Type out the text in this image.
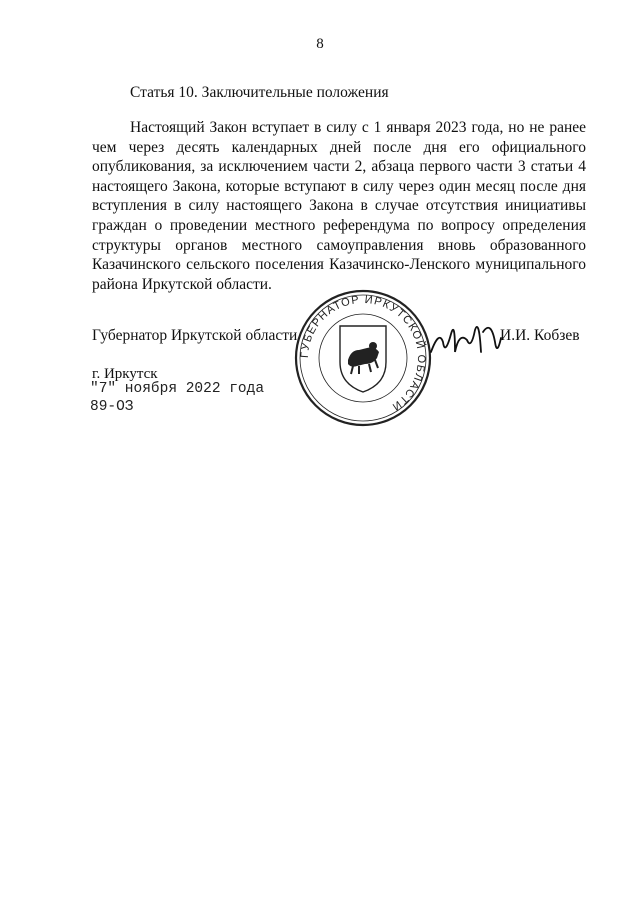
8
Статья 10. Заключительные положения

Настоящий Закон вступает в силу с 1 января 2023 года, но не ранее чем через десять календарных дней после дня его официального опубликования, за исключением части 2, абзаца первого части 3 статьи 4 настоящего Закона, которые вступают в силу через один месяц после дня вступления в силу настоящего Закона в случае отсутствия инициативы граждан о проведении местного референдума по вопросу определения структуры органов местного самоуправления вновь образованного Казачинского сельского поселения Казачинско-Ленского муниципального района Иркутской области.

Губернатор Иркутской области
ГУБЕРНАТОР ИРКУТСКОЙ ОБЛАСТИ
И.И. Кобзев
г. Иркутск
"7" ноября 2022 года
89-ОЗ
